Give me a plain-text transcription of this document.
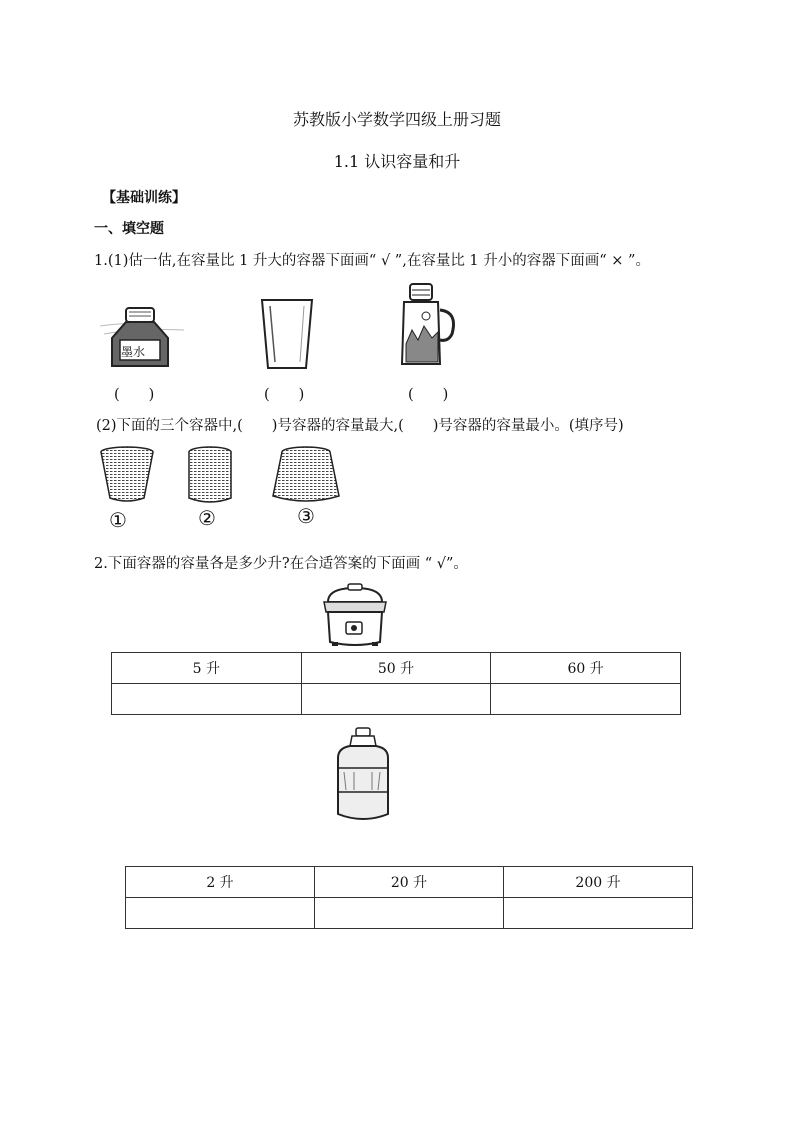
苏教版小学数学四级上册习题
1.1 认识容量和升
【基础训练】
一、填空题
1.(1)估一估,在容量比 1 升大的容器下面画“ √ ”,在容量比 1 升小的容器下面画“ × ”。
墨水
(　　)	(　　)	(　　)
(2)下面的三个容器中,(　　)号容器的容量最大,(　　)号容器的容量最小。(填序号)
①	②	③
2.下面容器的容量各是多少升?在合适答案的下面画 “ √”。
5 升	50 升	60 升

2 升	20 升	200 升
